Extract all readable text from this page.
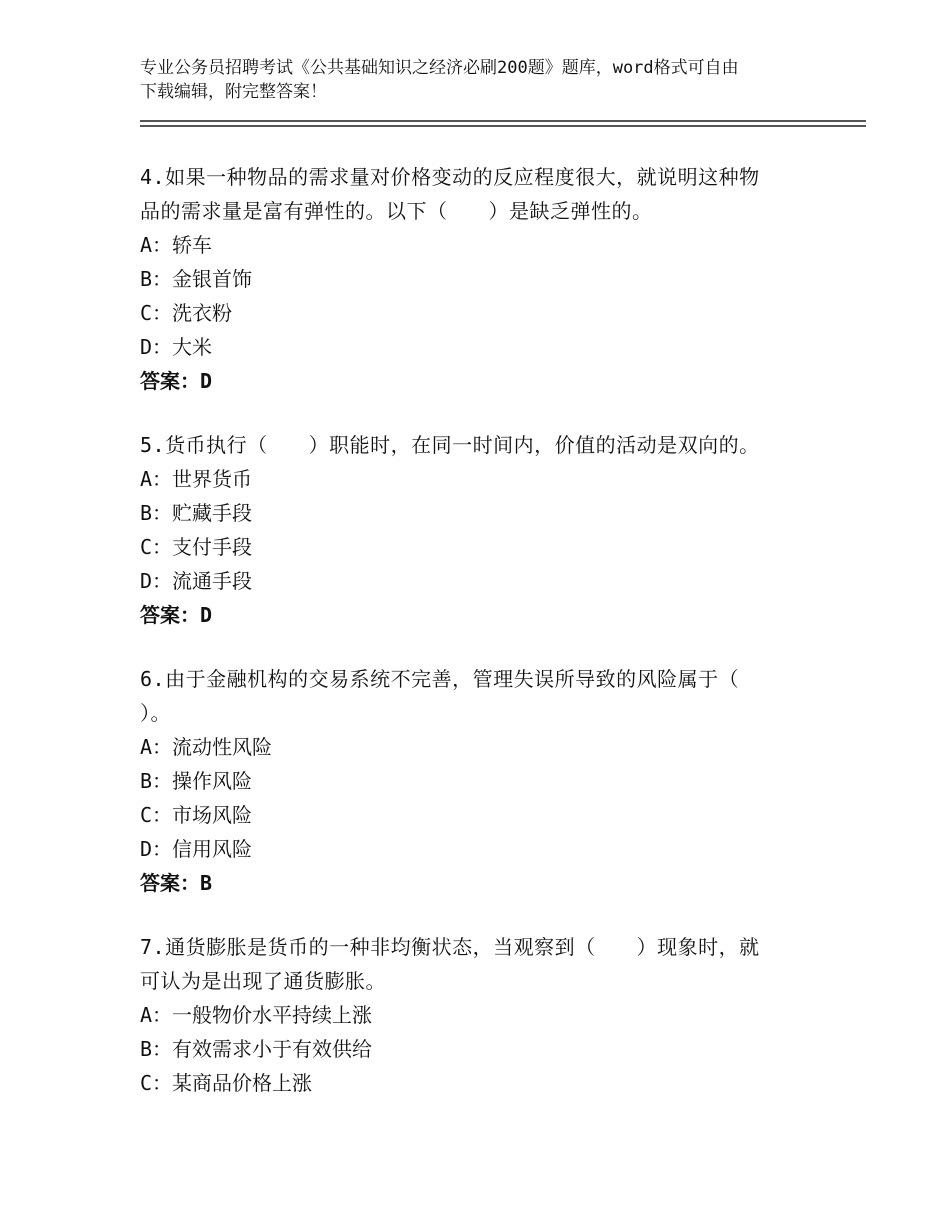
专业公务员招聘考试《公共基础知识之经济必刷200题》题库，word格式可自由
下载编辑，附完整答案！
4.如果一种物品的需求量对价格变动的反应程度很大，就说明这种物
品的需求量是富有弹性的。以下（　　）是缺乏弹性的。
A：轿车
B：金银首饰
C：洗衣粉
D：大米
答案：D
5.货币执行（　　）职能时，在同一时间内，价值的活动是双向的。
A：世界货币
B：贮藏手段
C：支付手段
D：流通手段
答案：D
6.由于金融机构的交易系统不完善，管理失误所导致的风险属于（
）。
A：流动性风险
B：操作风险
C：市场风险
D：信用风险
答案：B
7.通货膨胀是货币的一种非均衡状态，当观察到（　　）现象时，就
可认为是出现了通货膨胀。
A：一般物价水平持续上涨
B：有效需求小于有效供给
C：某商品价格上涨
